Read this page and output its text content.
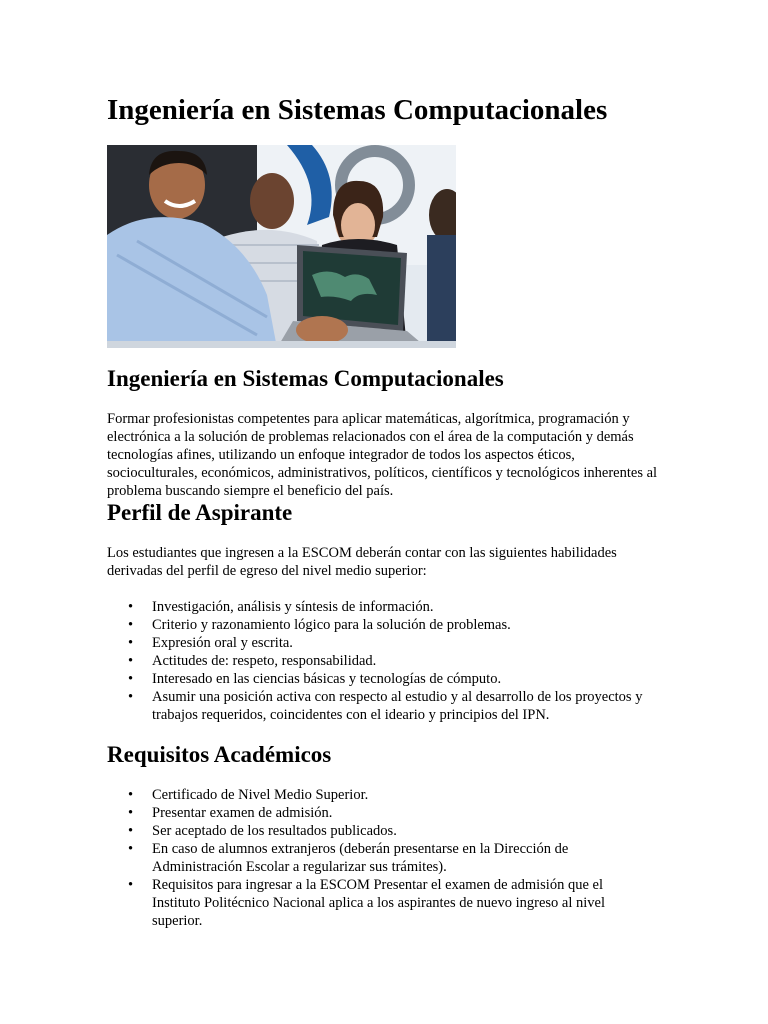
Ingeniería en Sistemas Computacionales
Ingeniería en Sistemas Computacionales

Formar profesionistas competentes para aplicar matemáticas, algorítmica, programación y electrónica a la solución de problemas relacionados con el área de la computación y demás tecnologías afines, utilizando un enfoque integrador de todos los aspectos éticos, socioculturales, económicos, administrativos, políticos, científicos y tecnológicos inherentes al problema buscando siempre el beneficio del país.

Perfil de Aspirante

Los estudiantes que ingresen a la ESCOM deberán contar con las siguientes habilidades derivadas del perfil de egreso del nivel medio superior:

• Investigación, análisis y síntesis de información.
• Criterio y razonamiento lógico para la solución de problemas.
• Expresión oral y escrita.
• Actitudes de: respeto, responsabilidad.
• Interesado en las ciencias básicas y tecnologías de cómputo.
• Asumir una posición activa con respecto al estudio y al desarrollo de los proyectos y trabajos requeridos, coincidentes con el ideario y principios del IPN.
Requisitos Académicos
• Certificado de Nivel Medio Superior.
• Presentar examen de admisión.
• Ser aceptado de los resultados publicados.
• En caso de alumnos extranjeros (deberán presentarse en la Dirección de Administración Escolar a regularizar sus trámites).
• Requisitos para ingresar a la ESCOM Presentar el examen de admisión que el Instituto Politécnico Nacional aplica a los aspirantes de nuevo ingreso al nivel superior.
